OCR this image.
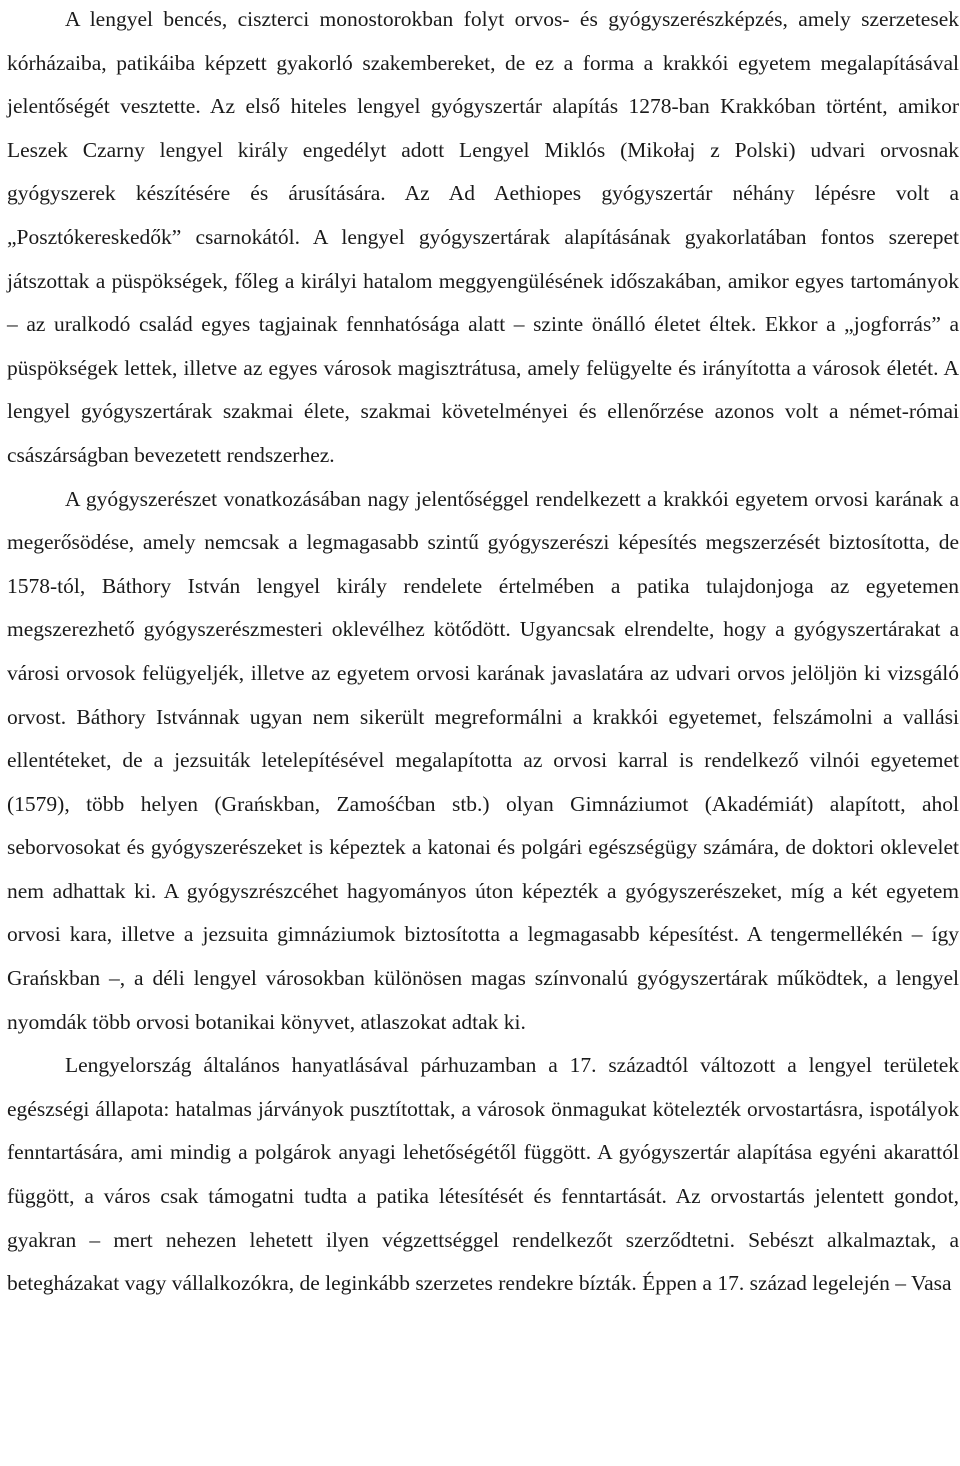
A lengyel bencés, ciszterci monostorokban folyt orvos- és gyógyszerészképzés, amely szerzetesek kórházaiba, patikáiba képzett gyakorló szakembereket, de ez a forma a krakkói egyetem megalapításával jelentőségét vesztette. Az első hiteles lengyel gyógyszertár alapítás 1278-ban Krakkóban történt, amikor Leszek Czarny lengyel király engedélyt adott Lengyel Miklós (Mikołaj z Polski) udvari orvosnak gyógyszerek készítésére és árusítására. Az Ad Aethiopes gyógyszertár néhány lépésre volt a „Posztókereskedők” csarnokától. A lengyel gyógyszertárak alapításának gyakorlatában fontos szerepet játszottak a püspökségek, főleg a királyi hatalom meggyengülésének időszakában, amikor egyes tartományok – az uralkodó család egyes tagjainak fennhatósága alatt – szinte önálló életet éltek. Ekkor a „jogforrás” a püspökségek lettek, illetve az egyes városok magisztrátusa, amely felügyelte és irányította a városok életét. A lengyel gyógyszertárak szakmai élete, szakmai követelményei és ellenőrzése azonos volt a német-római császárságban bevezetett rendszerhez.

A gyógyszerészet vonatkozásában nagy jelentőséggel rendelkezett a krakkói egyetem orvosi karának a megerősödése, amely nemcsak a legmagasabb szintű gyógyszerészi képesítés megszerzését biztosította, de 1578-tól, Báthory István lengyel király rendelete értelmében a patika tulajdonjoga az egyetemen megszerezhető gyógyszerészmesteri oklevélhez kötődött. Ugyancsak elrendelte, hogy a gyógyszertárakat a városi orvosok felügyeljék, illetve az egyetem orvosi karának javaslatára az udvari orvos jelöljön ki vizsgáló orvost. Báthory Istvánnak ugyan nem sikerült megreformálni a krakkói egyetemet, felszámolni a vallási ellentéteket, de a jezsuiták letelepítésével megalapította az orvosi karral is rendelkező vilnói egyetemet (1579), több helyen (Grańskban, Zamośćban stb.) olyan Gimnáziumot (Akadémiát) alapított, ahol seborvosokat és gyógyszerészeket is képeztek a katonai és polgári egészségügy számára, de doktori oklevelet nem adhattak ki. A gyógyszrészcéhet hagyományos úton képezték a gyógyszerészeket, míg a két egyetem orvosi kara, illetve a jezsuita gimnáziumok biztosította a legmagasabb képesítést. A tengermellékén – így Grańskban –, a déli lengyel városokban különösen magas színvonalú gyógyszertárak működtek, a lengyel nyomdák több orvosi botanikai könyvet, atlaszokat adtak ki.

Lengyelország általános hanyatlásával párhuzamban a 17. századtól változott a lengyel területek egészségi állapota: hatalmas járványok pusztítottak, a városok önmagukat kötelezték orvostartásra, ispotályok fenntartására, ami mindig a polgárok anyagi lehetőségétől függött. A gyógyszertár alapítása egyéni akarattól függött, a város csak támogatni tudta a patika létesítését és fenntartását. Az orvostartás jelentett gondot, gyakran – mert nehezen lehetett ilyen végzettséggel rendelkezőt szerződtetni. Sebészt alkalmaztak, a betegházakat vagy vállalkozókra, de leginkább szerzetes rendekre bízták. Éppen a 17. század legelején – Vasa
